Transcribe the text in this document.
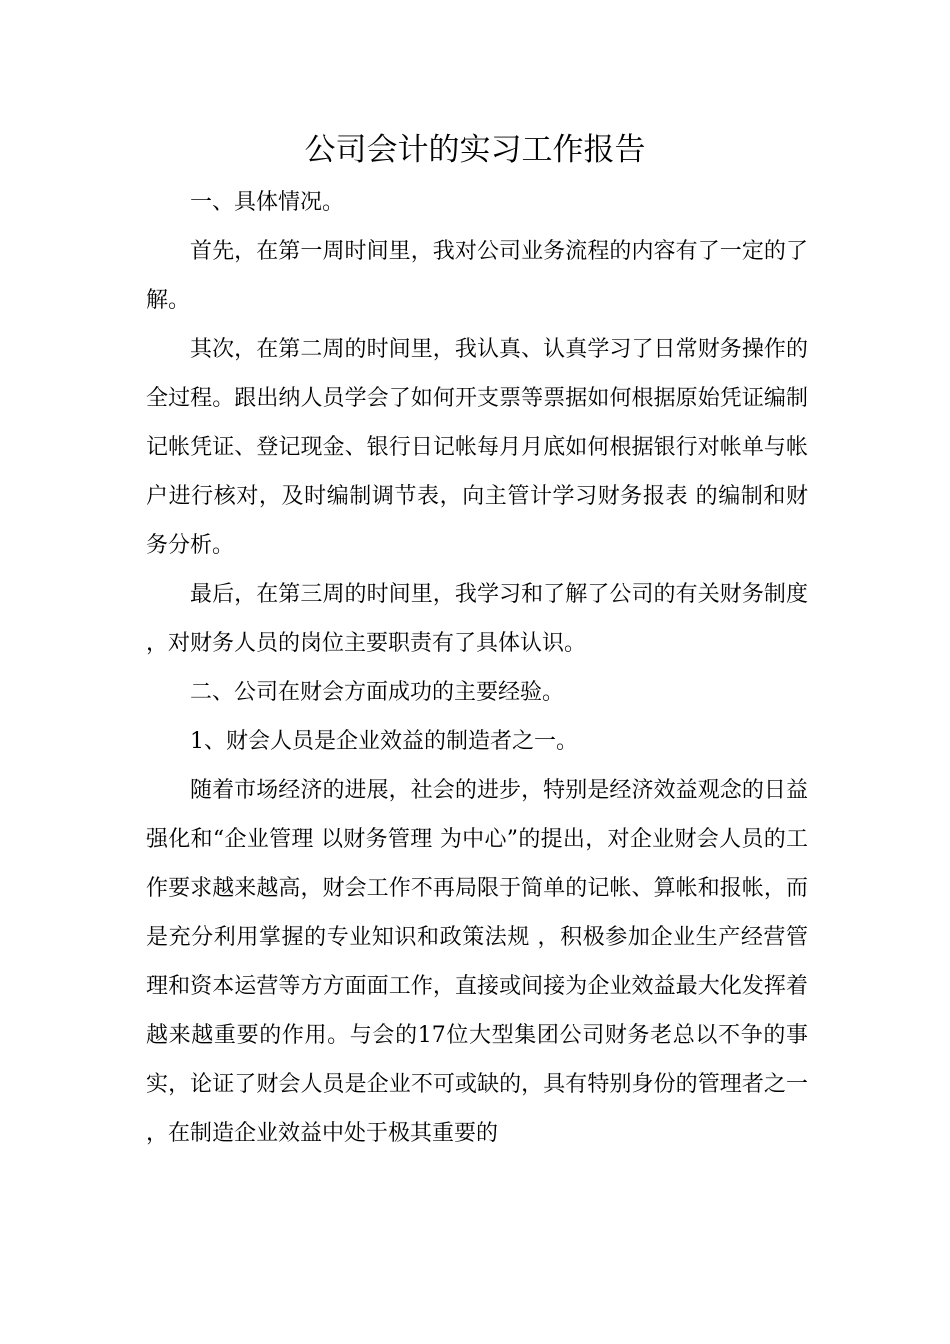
公司会计的实习工作报告

一、具体情况。

首先，在第一周时间里，我对公司业务流程的内容有了一定的了解。

其次，在第二周的时间里，我认真、认真学习了日常财务操作的全过程。跟出纳人员学会了如何开支票等票据如何根据原始凭证编制记帐凭证、登记现金、银行日记帐每月月底如何根据银行对帐单与帐户进行核对，及时编制调节表，向主管计学习财务报表 的编制和财务分析。

最后，在第三周的时间里，我学习和了解了公司的有关财务制度 ，对财务人员的岗位主要职责有了具体认识。

二、公司在财会方面成功的主要经验。

1、财会人员是企业效益的制造者之一。

随着市场经济的进展，社会的进步，特别是经济效益观念的日益强化和“企业管理 以财务管理 为中心”的提出，对企业财会人员的工作要求越来越高，财会工作不再局限于简单的记帐、算帐和报帐，而是充分利用掌握的专业知识和政策法规 ，积极参加企业生产经营管理和资本运营等方方面面工作，直接或间接为企业效益最大化发挥着越来越重要的作用。与会的17位大型集团公司财务老总以不争的事实，论证了财会人员是企业不可或缺的，具有特别身份的管理者之一，在制造企业效益中处于极其重要的
